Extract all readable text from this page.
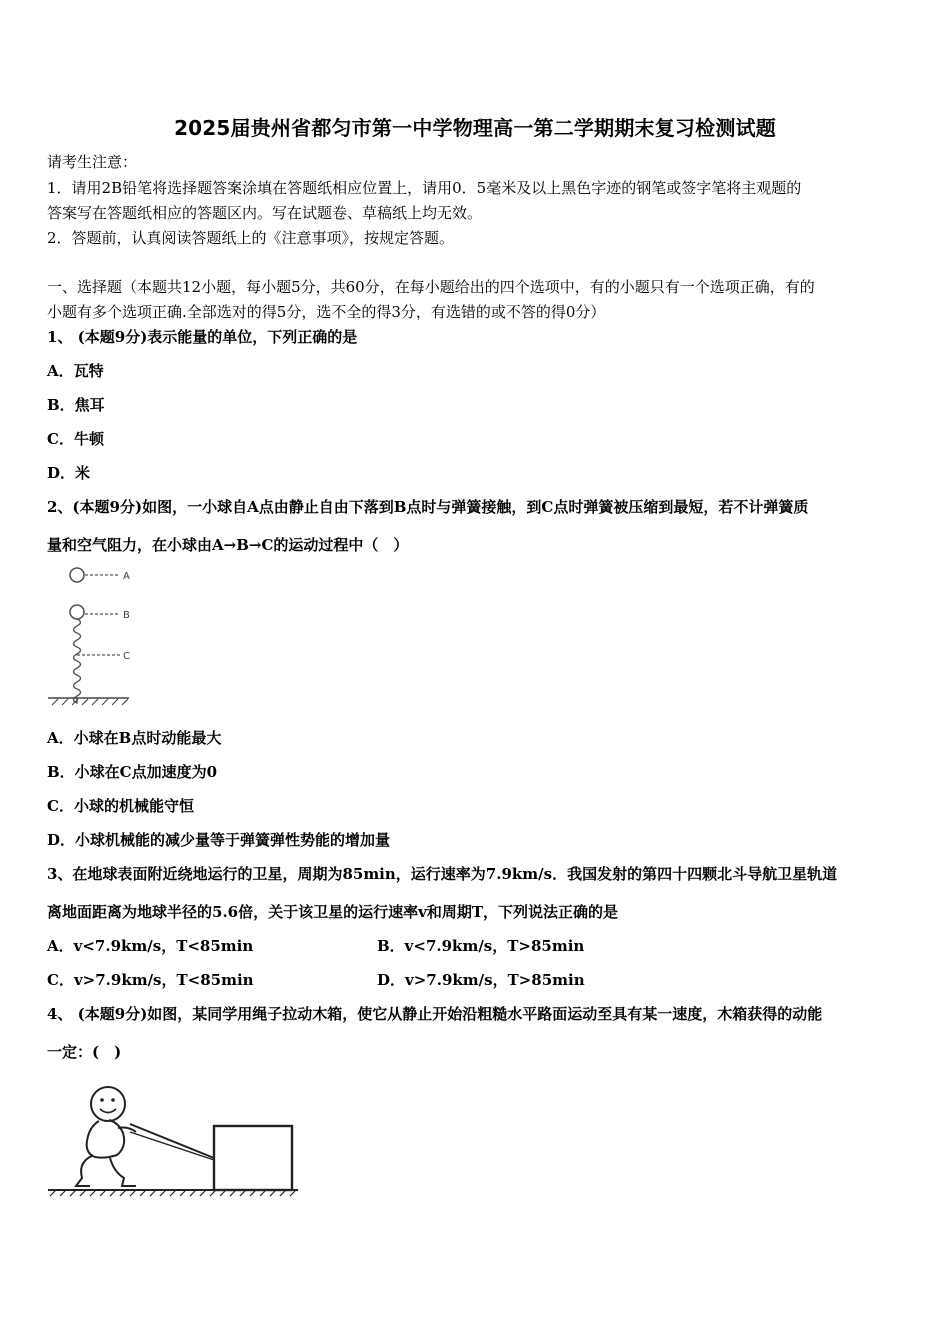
2025届贵州省都匀市第一中学物理高一第二学期期末复习检测试题
请考生注意：
1．请用2B铅笔将选择题答案涂填在答题纸相应位置上，请用0．5毫米及以上黑色字迹的钢笔或签字笔将主观题的
答案写在答题纸相应的答题区内。写在试题卷、草稿纸上均无效。
2．答题前，认真阅读答题纸上的《注意事项》，按规定答题。
一、选择题（本题共12小题，每小题5分，共60分，在每小题给出的四个选项中，有的小题只有一个选项正确，有的
小题有多个选项正确.全部选对的得5分，选不全的得3分，有选错的或不答的得0分）
1、 (本题9分)表示能量的单位，下列正确的是
A．瓦特
B．焦耳
C．牛顿
D．米
2、(本题9分)如图，一小球自A点由静止自由下落到B点时与弹簧接触，到C点时弹簧被压缩到最短，若不计弹簧质
量和空气阻力，在小球由A→B→C的运动过程中（　）
A
B
C
A．小球在B点时动能最大
B．小球在C点加速度为0
C．小球的机械能守恒
D．小球机械能的减少量等于弹簧弹性势能的增加量
3、在地球表面附近绕地运行的卫星，周期为85min，运行速率为7.9km/s．我国发射的第四十四颗北斗导航卫星轨道
离地面距离为地球半径的5.6倍，关于该卫星的运行速率v和周期T，下列说法正确的是
A．v<7.9km/s，T<85min	B．v<7.9km/s，T>85min
C．v>7.9km/s，T<85min	D．v>7.9km/s，T>85min
4、 (本题9分)如图，某同学用绳子拉动木箱，使它从静止开始沿粗糙水平路面运动至具有某一速度，木箱获得的动能
一定：(　)
